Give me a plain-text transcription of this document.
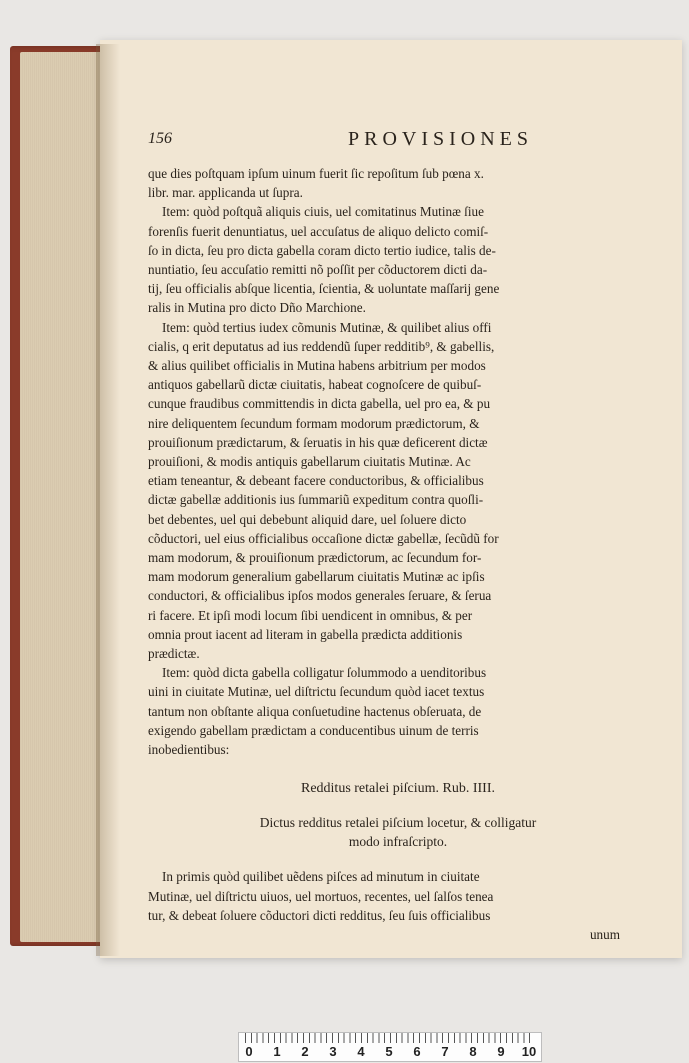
156	PROVISIONES

que dies poſtquam ipſum uinum fuerit ſic repoſitum ſub pœna x.
libr. mar. applicanda ut ſupra.

Item: quòd poſtquã aliquis ciuis, uel comitatinus Mutinæ ſiue
forenſis fuerit denuntiatus, uel accuſatus de aliquo delicto comiſ-
ſo in dicta, ſeu pro dicta gabella coram dicto tertio iudice, talis de-
nuntiatio, ſeu accuſatio remitti nõ poſſit per cõductorem dicti da-
tij, ſeu officialis abſque licentia, ſcientia, & uoluntate maſſarij gene
ralis in Mutina pro dicto Dño Marchione.

Item: quòd tertius iudex cõmunis Mutinæ, & quilibet alius offi
cialis, q erit deputatus ad ius reddendũ ſuper redditib⁹, & gabellis,
& alius quilibet officialis in Mutina habens arbitrium per modos
antiquos gabellarũ dictæ ciuitatis, habeat cognoſcere de quibuſ-
cunque fraudibus committendis in dicta gabella, uel pro ea, & pu
nire deliquentem ſecundum formam modorum prædictorum, &
prouiſionum prædictarum, & ſeruatis in his quæ deficerent dictæ
prouiſioni, & modis antiquis gabellarum ciuitatis Mutinæ. Ac
etiam teneantur, & debeant facere conductoribus, & officialibus
dictæ gabellæ additionis ius ſummariũ expeditum contra quoſli-
bet debentes, uel qui debebunt aliquid dare, uel ſoluere dicto
cõductori, uel eius officialibus occaſione dictæ gabellæ, ſecũdũ for
mam modorum, & prouiſionum prædictorum, ac ſecundum for-
mam modorum generalium gabellarum ciuitatis Mutinæ ac ipſis
conductori, & officialibus ipſos modos generales ſeruare, & ſerua
ri facere. Et ipſi modi locum ſibi uendicent in omnibus, & per
omnia prout iacent ad literam in gabella prædicta additionis
prædictæ.

Item: quòd dicta gabella colligatur ſolummodo a uenditoribus
uini in ciuitate Mutinæ, uel diſtrictu ſecundum quòd iacet textus
tantum non obſtante aliqua conſuetudine hactenus obſeruata, de
exigendo gabellam prædictam a conducentibus uinum de terris
inobedientibus:

Redditus retalei piſcium. Rub. IIII.
Dictus redditus retalei piſcium locetur, & colligatur
modo infraſcripto.

In primis quòd quilibet uẽdens piſces ad minutum in ciuitate
Mutinæ, uel diſtrictu uiuos, uel mortuos, recentes, uel ſalſos tenea
tur, & debeat ſoluere cõductori dicti redditus, ſeu ſuis officialibus

unum
0 1 2 3 4 5 6 7 8 9 10
